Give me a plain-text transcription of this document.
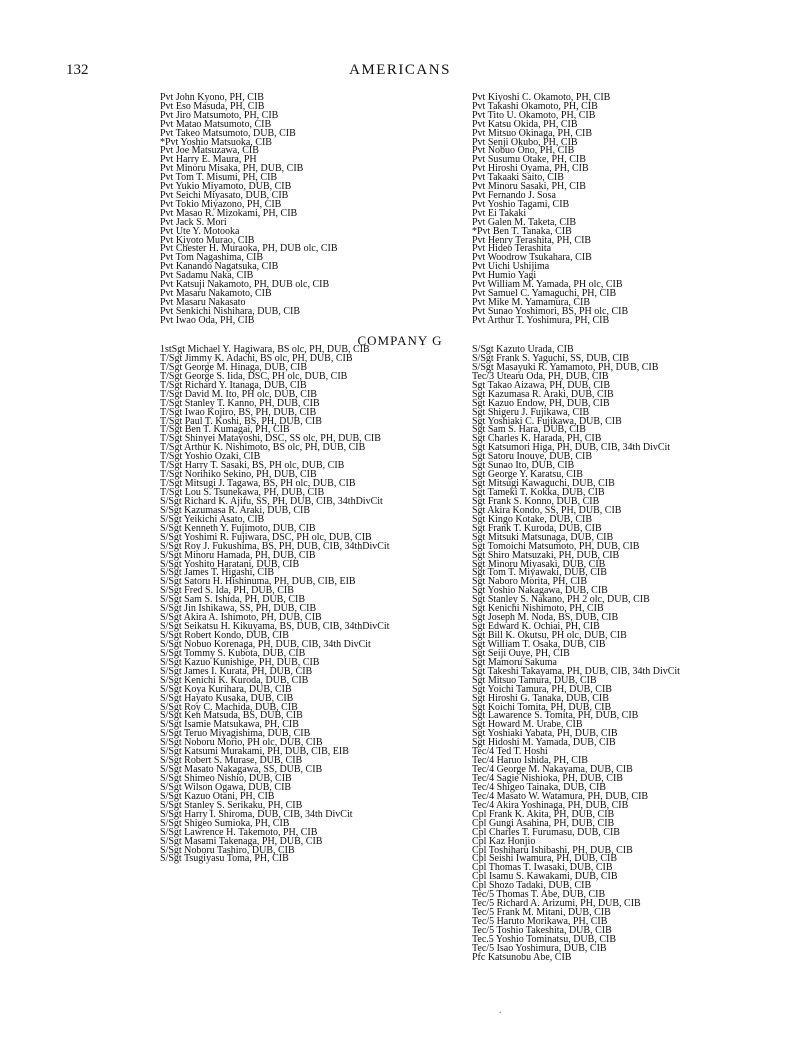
132	AMERICANS
Pvt John Kyono, PH, CIB
Pvt Eso Masuda, PH, CIB
Pvt Jiro Matsumoto, PH, CIB
Pvt Matao Matsumoto, CIB
Pvt Takeo Matsumoto, DUB, CIB
*Pvt Yoshio Matsuoka, CIB
Pvt Joe Matsuzawa, CIB
Pvt Harry E. Maura, PH
Pvt Minoru Misaka, PH, DUB, CIB
Pvt Tom T. Misumi, PH, CIB
Pvt Yukio Miyamoto, DUB, CIB
Pvt Seichi Miyasato, DUB, CIB
Pvt Tokio Miyazono, PH, CIB
Pvt Masao R. Mizokami, PH, CIB
Pvt Jack S. Mori
Pvt Ute Y. Motooka
Pvt Kiyoto Murao, CIB
Pvt Chester H. Muraoka, PH, DUB olc, CIB
Pvt Tom Nagashima, CIB
Pvt Kanando Nagatsuka, CIB
Pvt Sadamu Naka, CIB
Pvt Katsuji Nakamoto, PH, DUB olc, CIB
Pvt Masaru Nakamoto, CIB
Pvt Masaru Nakasato
Pvt Senkichi Nishihara, DUB, CIB
Pvt Iwao Oda, PH, CIB
Pvt Kiyoshi C. Okamoto, PH, CIB
Pvt Takashi Okamoto, PH, CIB
Pvt Tito U. Okamoto, PH, CIB
Pvt Katsu Okida, PH, CIB
Pvt Mitsuo Okinaga, PH, CIB
Pvt Senji Okubo, PH, CIB
Pvt Nobuo Ono, PH, CIB
Pvt Susumu Otake, PH, CIB
Pvt Hiroshi Oyama, PH, CIB
Pvt Takaaki Saito, CIB
Pvt Minoru Sasaki, PH, CIB
Pvt Fernando J. Sosa
Pvt Yoshio Tagami, CIB
Pvt Ei Takaki
Pvt Galen M. Taketa, CIB
*Pvt Ben T. Tanaka, CIB
Pvt Henry Terashita, PH, CIB
Pvt Hideo Terashita
Pvt Woodrow Tsukahara, CIB
Pvt Uichi Ushijima
Pvt Humio Yagi
Pvt William M. Yamada, PH olc, CIB
Pvt Samuel C. Yamaguchi, PH, CIB
Pvt Mike M. Yamamura, CIB
Pvt Sunao Yoshimori, BS, PH olc, CIB
Pvt Arthur T. Yoshimura, PH, CIB
COMPANY G
1stSgt Michael Y. Hagiwara, BS olc, PH, DUB, CIB
T/Sgt Jimmy K. Adachi, BS olc, PH, DUB, CIB
T/Sgt George M. Hinaga, DUB, CIB
T/Sgt George S. Iida, DSC, PH olc, DUB, CIB
T/Sgt Richard Y. Itanaga, DUB, CIB
T/Sgt David M. Ito, PH olc, DUB, CIB
T/Sgt Stanley T. Kanno, PH, DUB, CIB
T/Sgt Iwao Kojiro, BS, PH, DUB, CIB
T/Sgt Paul T. Koshi, BS, PH, DUB, CIB
T/Sgt Ben T. Kumagai, PH, CIB
T/Sgt Shinyei Matayoshi, DSC, SS olc, PH, DUB, CIB
T/Sgt Arthur K. Nishimoto, BS olc, PH, DUB, CIB
T/Sgt Yoshio Ozaki, CIB
T/Sgt Harry T. Sasaki, BS, PH olc, DUB, CIB
T/Sgt Norihiko Sekino, PH, DUB, CIB
T/Sgt Mitsugi J. Tagawa, BS, PH olc, DUB, CIB
T/Sgt Lou S. Tsunekawa, PH, DUB, CIB
S/Sgt Richard K. Ajifu, SS, PH, DUB, CIB, 34thDivCit
S/Sgt Kazumasa R. Araki, DUB, CIB
S/Sgt Yeikichi Asato, CIB
S/Sgt Kenneth Y. Fujimoto, DUB, CIB
S/Sgt Yoshimi R. Fujiwara, DSC, PH olc, DUB, CIB
S/Sgt Roy J. Fukushima, BS, PH, DUB, CIB, 34thDivCit
S/Sgt Minoru Hamada, PH, DUB, CIB
S/Sgt Yoshito Haratani, DUB, CIB
S/Sgt James T. Higashi, CIB
S/Sgt Satoru H. Hishinuma, PH, DUB, CIB, EIB
S/Sgt Fred S. Ida, PH, DUB, CIB
S/Sgt Sam S. Ishida, PH, DUB, CIB
S/Sgt Jin Ishikawa, SS, PH, DUB, CIB
S/Sgt Akira A. Ishimoto, PH, DUB, CIB
S/Sgt Seikatsu H. Kikuyama, BS, DUB, CIB, 34thDivCit
S/Sgt Robert Kondo, DUB, CIB
S/Sgt Nobuo Korenaga, PH, DUB, CIB, 34th DivCit
S/Sgt Tommy S. Kubota, DUB, CIB
S/Sgt Kazuo Kunishige, PH, DUB, CIB
S/Sgt James I. Kurata, PH, DUB, CIB
S/Sgt Kenichi K. Kuroda, DUB, CIB
S/Sgt Koya Kurihara, DUB, CIB
S/Sgt Hayato Kusaka, DUB, CIB
S/Sgt Roy C. Machida, DUB, CIB
S/Sgt Ken Matsuda, BS, DUB, CIB
S/Sgt Isamie Matsukawa, PH, CIB
S/Sgt Teruo Miyagishima, DUB, CIB
S/Sgt Noboru Morio, PH olc, DUB, CIB
S/Sgt Katsumi Murakami, PH, DUB, CIB, EIB
S/Sgt Robert S. Murase, DUB, CIB
S/Sgt Masato Nakagawa, SS, DUB, CIB
S/Sgt Shimeo Nishio, DUB, CIB
S/Sgt Wilson Ogawa, DUB, CIB
S/Sgt Kazuo Otani, PH, CIB
S/Sgt Stanley S. Serikaku, PH, CIB
S/Sgt Harry I. Shiroma, DUB, CIB, 34th DivCit
S/Sgt Shigeo Sumioka, PH, CIB
S/Sgt Lawrence H. Takemoto, PH, CIB
S/Sgt Masami Takenaga, PH, DUB, CIB
S/Sgt Noboru Tashiro, DUB, CIB
S/Sgt Tsugiyasu Toma, PH, CIB
S/Sgt Kazuto Urada, CIB
S/Sgt Frank S. Yaguchi, SS, DUB, CIB
S/Sgt Masayuki R. Yamamoto, PH, DUB, CIB
Tec/3 Utearu Oda, PH, DUB, CIB
Sgt Takao Aizawa, PH, DUB, CIB
Sgt Kazumasa R. Araki, DUB, CIB
Sgt Kazuo Endow, PH, DUB, CIB
Sgt Shigeru J. Fujikawa, CIB
Sgt Yoshiaki C. Fujikawa, DUB, CIB
Sgt Sam S. Hara, DUB, CIB
Sgt Charles K. Harada, PH, CIB
Sgt Katsumori Higa, PH, DUB, CIB, 34th DivCit
Sgt Satoru Inouye, DUB, CIB
Sgt Sunao Ito, DUB, CIB
Sgt George Y. Karatsu, CIB
Sgt Mitsugi Kawaguchi, DUB, CIB
Sgt Tameki T. Kokka, DUB, CIB
Sgt Frank S. Konno, DUB, CIB
Sgt Akira Kondo, SS, PH, DUB, CIB
Sgt Kingo Kotake, DUB, CIB
Sgt Frank T. Kuroda, DUB, CIB
Sgt Mitsuki Matsunaga, DUB, CIB
Sgt Tomoichi Matsumoto, PH, DUB, CIB
Sgt Shiro Matsuzaki, PH, DUB, CIB
Sgt Minoru Miyasaki, DUB, CIB
Sgt Tom T. Miyawaki, DUB, CIB
Sgt Naboro Morita, PH, CIB
Sgt Yoshio Nakagawa, DUB, CIB
Sgt Stanley S. Nakano, PH 2 olc, DUB, CIB
Sgt Kenichi Nishimoto, PH, CIB
Sgt Joseph M. Noda, BS, DUB, CIB
Sgt Edward K. Ochiai, PH, CIB
Sgt Bill K. Okutsu, PH olc, DUB, CIB
Sgt William T. Osaka, DUB, CIB
Sgt Seiji Ouye, PH, CIB
Sgt Mamoru Sakuma
Sgt Takeshi Takayama, PH, DUB, CIB, 34th DivCit
Sgt Mitsuo Tamura, DUB, CIB
Sgt Yoichi Tamura, PH, DUB, CIB
Sgt Hiroshi G. Tanaka, DUB, CIB
Sgt Koichi Tomita, PH, DUB, CIB
Sgt Lawarence S. Tomita, PH, DUB, CIB
Sgt Howard M. Urabe, CIB
Sgt Yoshiaki Yabata, PH, DUB, CIB
Sgt Hidoshi M. Yamada, DUB, CIB
Tec/4 Ted T. Hoshi
Tec/4 Haruo Ishida, PH, CIB
Tec/4 George M. Nakayama, DUB, CIB
Tec/4 Sagie Nishioka, PH, DUB, CIB
Tec/4 Shigeo Tainaka, DUB, CIB
Tec/4 Masato W. Watamura, PH, DUB, CIB
Tec/4 Akira Yoshinaga, PH, DUB, CIB
Cpl Frank K. Akita, PH, DUB, CIB
Cpl Gungi Asahina, PH, DUB, CIB
Cpl Charles T. Furumasu, DUB, CIB
Cpl Kaz Honjio
Cpl Toshiharu Ishibashi, PH, DUB, CIB
Cpl Seishi Iwamura, PH, DUB, CIB
Cpl Thomas T. Iwasaki, DUB, CIB
Cpl Isamu S. Kawakami, DUB, CIB
Cpl Shozo Tadaki, DUB, CIB
Tec/5 Thomas T. Abe, DUB, CIB
Tec/5 Richard A. Arizumi, PH, DUB, CIB
Tec/5 Frank M. Mitani, DUB, CIB
Tec/5 Haruto Morikawa, PH, CIB
Tec/5 Toshio Takeshita, DUB, CIB
Tec.5 Yoshio Tominatsu, DUB, CIB
Tec/5 Isao Yoshimura, DUB, CIB
Pfc Katsunobu Abe, CIB
.
